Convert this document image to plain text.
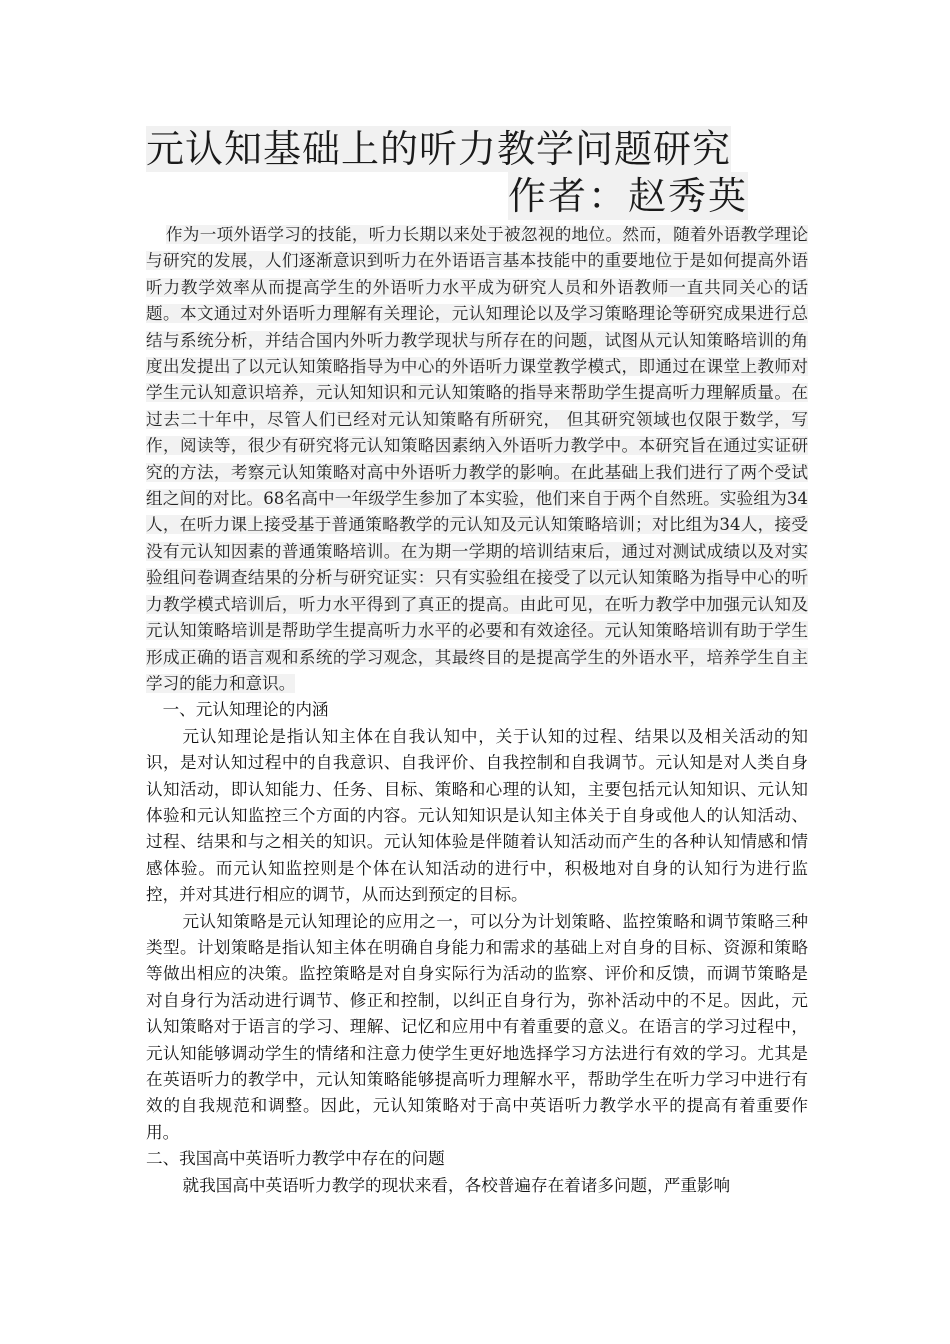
元认知基础上的听力教学问题研究
作者：赵秀英

作为一项外语学习的技能，听力长期以来处于被忽视的地位。然而，随着外语教学理论与研究的发展，人们逐渐意识到听力在外语语言基本技能中的重要地位于是如何提高外语听力教学效率从而提高学生的外语听力水平成为研究人员和外语教师一直共同关心的话题。本文通过对外语听力理解有关理论，元认知理论以及学习策略理论等研究成果进行总结与系统分析，并结合国内外听力教学现状与所存在的问题，试图从元认知策略培训的角度出发提出了以元认知策略指导为中心的外语听力课堂教学模式，即通过在课堂上教师对学生元认知意识培养，元认知知识和元认知策略的指导来帮助学生提高听力理解质量。在过去二十年中，尽管人们已经对元认知策略有所研究， 但其研究领域也仅限于数学，写作，阅读等，很少有研究将元认知策略因素纳入外语听力教学中。本研究旨在通过实证研究的方法，考察元认知策略对高中外语听力教学的影响。在此基础上我们进行了两个受试组之间的对比。68名高中一年级学生参加了本实验，他们来自于两个自然班。实验组为34人，在听力课上接受基于普通策略教学的元认知及元认知策略培训；对比组为34人，接受没有元认知因素的普通策略培训。在为期一学期的培训结束后，通过对测试成绩以及对实验组问卷调查结果的分析与研究证实：只有实验组在接受了以元认知策略为指导中心的听力教学模式培训后，听力水平得到了真正的提高。由此可见，在听力教学中加强元认知及元认知策略培训是帮助学生提高听力水平的必要和有效途径。元认知策略培训有助于学生形成正确的语言观和系统的学习观念，其最终目的是提高学生的外语水平，培养学生自主学习的能力和意识。

一、元认知理论的内涵

元认知理论是指认知主体在自我认知中，关于认知的过程、结果以及相关活动的知识，是对认知过程中的自我意识、自我评价、自我控制和自我调节。元认知是对人类自身认知活动，即认知能力、任务、目标、策略和心理的认知，主要包括元认知知识、元认知体验和元认知监控三个方面的内容。元认知知识是认知主体关于自身或他人的认知活动、过程、结果和与之相关的知识。元认知体验是伴随着认知活动而产生的各种认知情感和情感体验。而元认知监控则是个体在认知活动的进行中，积极地对自身的认知行为进行监控，并对其进行相应的调节，从而达到预定的目标。

元认知策略是元认知理论的应用之一，可以分为计划策略、监控策略和调节策略三种类型。计划策略是指认知主体在明确自身能力和需求的基础上对自身的目标、资源和策略等做出相应的决策。监控策略是对自身实际行为活动的监察、评价和反馈，而调节策略是对自身行为活动进行调节、修正和控制，以纠正自身行为，弥补活动中的不足。因此，元认知策略对于语言的学习、理解、记忆和应用中有着重要的意义。在语言的学习过程中，元认知能够调动学生的情绪和注意力使学生更好地选择学习方法进行有效的学习。尤其是在英语听力的教学中，元认知策略能够提高听力理解水平，帮助学生在听力学习中进行有效的自我规范和调整。因此，元认知策略对于高中英语听力教学水平的提高有着重要作用。

二、我国高中英语听力教学中存在的问题

就我国高中英语听力教学的现状来看，各校普遍存在着诸多问题，严重影响
